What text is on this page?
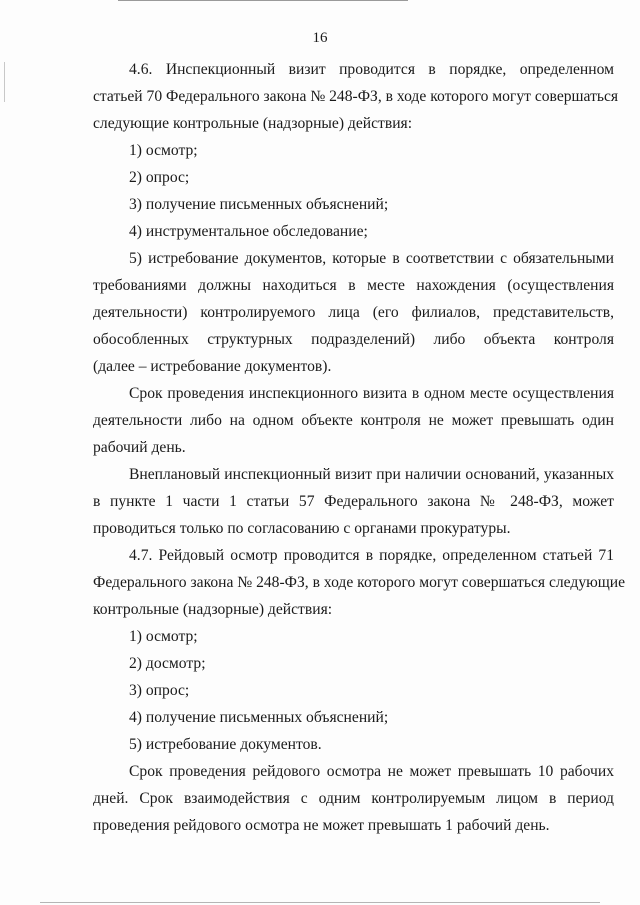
16

4.6. Инспекционный визит проводится в порядке, определенном
статьей 70 Федерального закона № 248-ФЗ, в ходе которого могут совершаться
следующие контрольные (надзорные) действия:

1) осмотр;

2) опрос;

3) получение письменных объяснений;

4) инструментальное обследование;

5) истребование документов, которые в соответствии с обязательными
требованиями должны находиться в месте нахождения (осуществления
деятельности) контролируемого лица (его филиалов, представительств,
обособленных структурных подразделений) либо объекта контроля
(далее – истребование документов).

Срок проведения инспекционного визита в одном месте осуществления
деятельности либо на одном объекте контроля не может превышать один
рабочий день.

Внеплановый инспекционный визит при наличии оснований, указанных
в пункте 1 части 1 статьи 57 Федерального закона № 248-ФЗ, может
проводиться только по согласованию с органами прокуратуры.

4.7. Рейдовый осмотр проводится в порядке, определенном статьей 71
Федерального закона № 248-ФЗ, в ходе которого могут совершаться следующие
контрольные (надзорные) действия:

1) осмотр;

2) досмотр;

3) опрос;

4) получение письменных объяснений;

5) истребование документов.

Срок проведения рейдового осмотра не может превышать 10 рабочих
дней. Срок взаимодействия с одним контролируемым лицом в период
проведения рейдового осмотра не может превышать 1 рабочий день.
